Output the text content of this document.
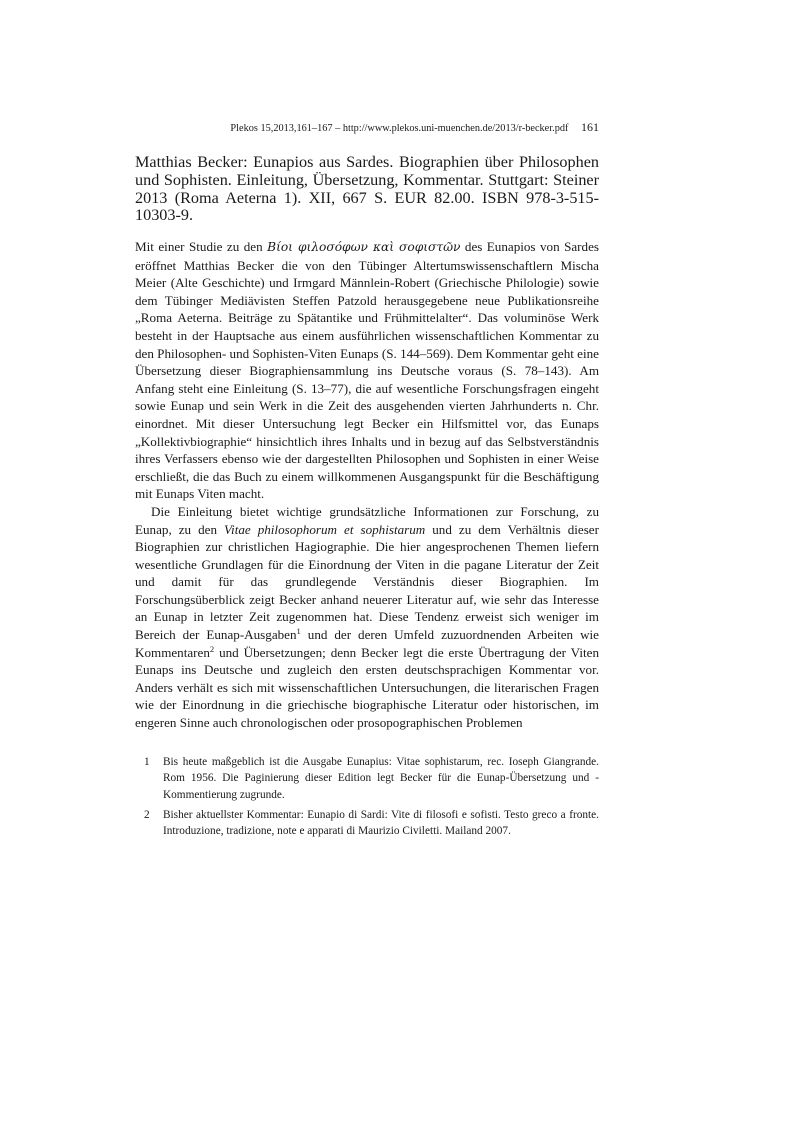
Plekos 15,2013,161–167 – http://www.plekos.uni-muenchen.de/2013/r-becker.pdf 161
Matthias Becker: Eunapios aus Sardes. Biographien über Philosophen und Sophisten. Einleitung, Übersetzung, Kommentar. Stuttgart: Steiner 2013 (Roma Aeterna 1). XII, 667 S. EUR 82.00. ISBN 978-3-515-10303-9.

Mit einer Studie zu den Βίοι φιλοσόφων καὶ σοφιστῶν des Eunapios von Sardes eröffnet Matthias Becker die von den Tübinger Altertumswissenschaftlern Mischa Meier (Alte Geschichte) und Irmgard Männlein-Robert (Griechische Philologie) sowie dem Tübinger Mediävisten Steffen Patzold herausgegebene neue Publikationsreihe „Roma Aeterna. Beiträge zu Spätantike und Frühmittelalter“. Das voluminöse Werk besteht in der Hauptsache aus einem ausführlichen wissenschaftlichen Kommentar zu den Philosophen- und Sophisten-Viten Eunaps (S. 144–569). Dem Kommentar geht eine Übersetzung dieser Biographiensammlung ins Deutsche voraus (S. 78–143). Am Anfang steht eine Einleitung (S. 13–77), die auf wesentliche Forschungsfragen eingeht sowie Eunap und sein Werk in die Zeit des ausgehenden vierten Jahrhunderts n. Chr. einordnet. Mit dieser Untersuchung legt Becker ein Hilfsmittel vor, das Eunaps „Kollektivbiographie“ hinsichtlich ihres Inhalts und in bezug auf das Selbstverständnis ihres Verfassers ebenso wie der dargestellten Philosophen und Sophisten in einer Weise erschließt, die das Buch zu einem willkommenen Ausgangspunkt für die Beschäftigung mit Eunaps Viten macht.

Die Einleitung bietet wichtige grundsätzliche Informationen zur Forschung, zu Eunap, zu den Vitae philosophorum et sophistarum und zu dem Verhältnis dieser Biographien zur christlichen Hagiographie. Die hier angesprochenen Themen liefern wesentliche Grundlagen für die Einordnung der Viten in die pagane Literatur der Zeit und damit für das grundlegende Verständnis dieser Biographien. Im Forschungsüberblick zeigt Becker anhand neuerer Literatur auf, wie sehr das Interesse an Eunap in letzter Zeit zugenommen hat. Diese Tendenz erweist sich weniger im Bereich der Eunap-Ausgaben$^1$ und der deren Umfeld zuzuordnenden Arbeiten wie Kommentaren$^2$ und Übersetzungen; denn Becker legt die erste Übertragung der Viten Eunaps ins Deutsche und zugleich den ersten deutschsprachigen Kommentar vor. Anders verhält es sich mit wissenschaftlichen Untersuchungen, die literarischen Fragen wie der Einordnung in die griechische biographische Literatur oder historischen, im engeren Sinne auch chronologischen oder prosopographischen Problemen

1	Bis heute maßgeblich ist die Ausgabe Eunapius: Vitae sophistarum, rec. Ioseph Giangrande. Rom 1956. Die Paginierung dieser Edition legt Becker für die Eunap-Übersetzung und -Kommentierung zugrunde.
2	Bisher aktuellster Kommentar: Eunapio di Sardi: Vite di filosofi e sofisti. Testo greco a fronte. Introduzione, tradizione, note e apparati di Maurizio Civiletti. Mailand 2007.
